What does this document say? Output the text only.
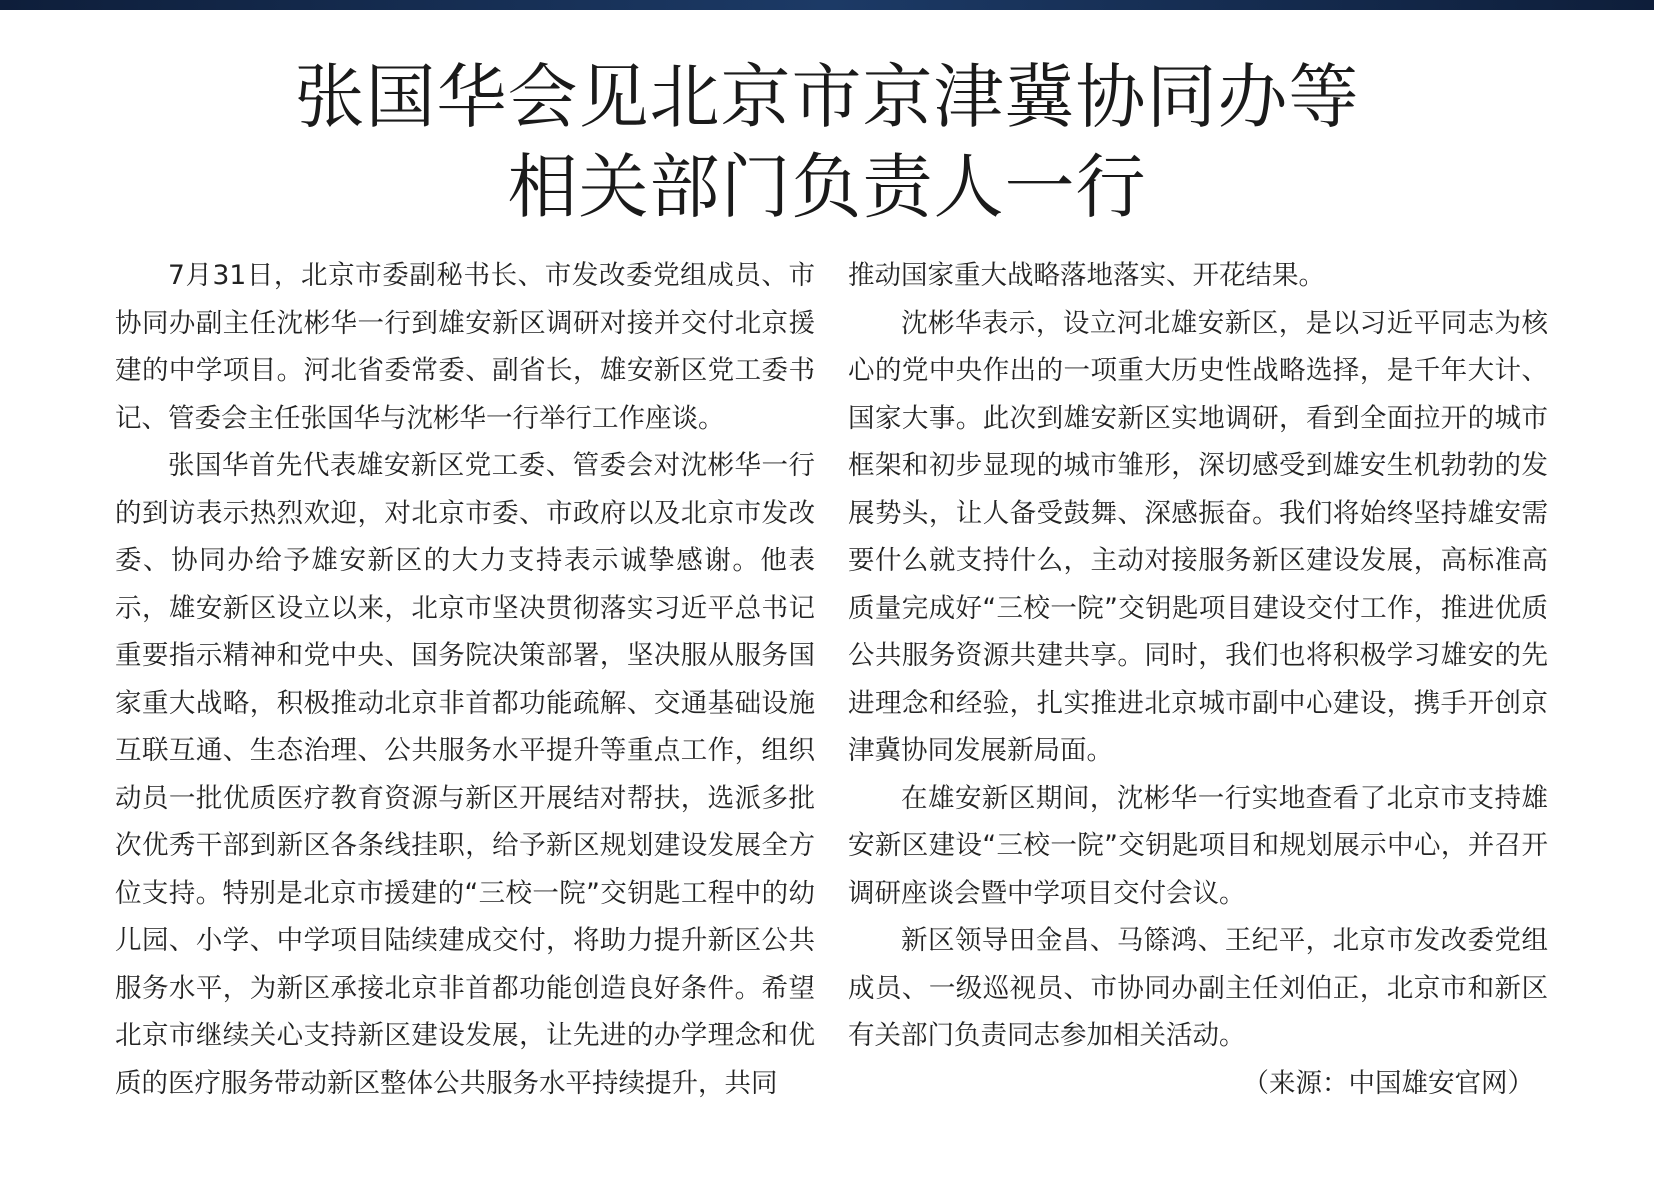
张国华会见北京市京津冀协同办等
相关部门负责人一行

7月31日，北京市委副秘书长、市发改委党组成员、市协同办副主任沈彬华一行到雄安新区调研对接并交付北京援建的中学项目。河北省委常委、副省长，雄安新区党工委书记、管委会主任张国华与沈彬华一行举行工作座谈。

张国华首先代表雄安新区党工委、管委会对沈彬华一行的到访表示热烈欢迎，对北京市委、市政府以及北京市发改委、协同办给予雄安新区的大力支持表示诚挚感谢。他表示，雄安新区设立以来，北京市坚决贯彻落实习近平总书记重要指示精神和党中央、国务院决策部署，坚决服从服务国家重大战略，积极推动北京非首都功能疏解、交通基础设施互联互通、生态治理、公共服务水平提升等重点工作，组织动员一批优质医疗教育资源与新区开展结对帮扶，选派多批次优秀干部到新区各条线挂职，给予新区规划建设发展全方位支持。特别是北京市援建的“三校一院”交钥匙工程中的幼儿园、小学、中学项目陆续建成交付，将助力提升新区公共服务水平，为新区承接北京非首都功能创造良好条件。希望北京市继续关心支持新区建设发展，让先进的办学理念和优质的医疗服务带动新区整体公共服务水平持续提升，共同

推动国家重大战略落地落实、开花结果。

沈彬华表示，设立河北雄安新区，是以习近平同志为核心的党中央作出的一项重大历史性战略选择，是千年大计、国家大事。此次到雄安新区实地调研，看到全面拉开的城市框架和初步显现的城市雏形，深切感受到雄安生机勃勃的发展势头，让人备受鼓舞、深感振奋。我们将始终坚持雄安需要什么就支持什么，主动对接服务新区建设发展，高标准高质量完成好“三校一院”交钥匙项目建设交付工作，推进优质公共服务资源共建共享。同时，我们也将积极学习雄安的先进理念和经验，扎实推进北京城市副中心建设，携手开创京津冀协同发展新局面。

在雄安新区期间，沈彬华一行实地查看了北京市支持雄安新区建设“三校一院”交钥匙项目和规划展示中心，并召开调研座谈会暨中学项目交付会议。

新区领导田金昌、马篨鸿、王纪平，北京市发改委党组成员、一级巡视员、市协同办副主任刘伯正，北京市和新区有关部门负责同志参加相关活动。

（来源：中国雄安官网）
